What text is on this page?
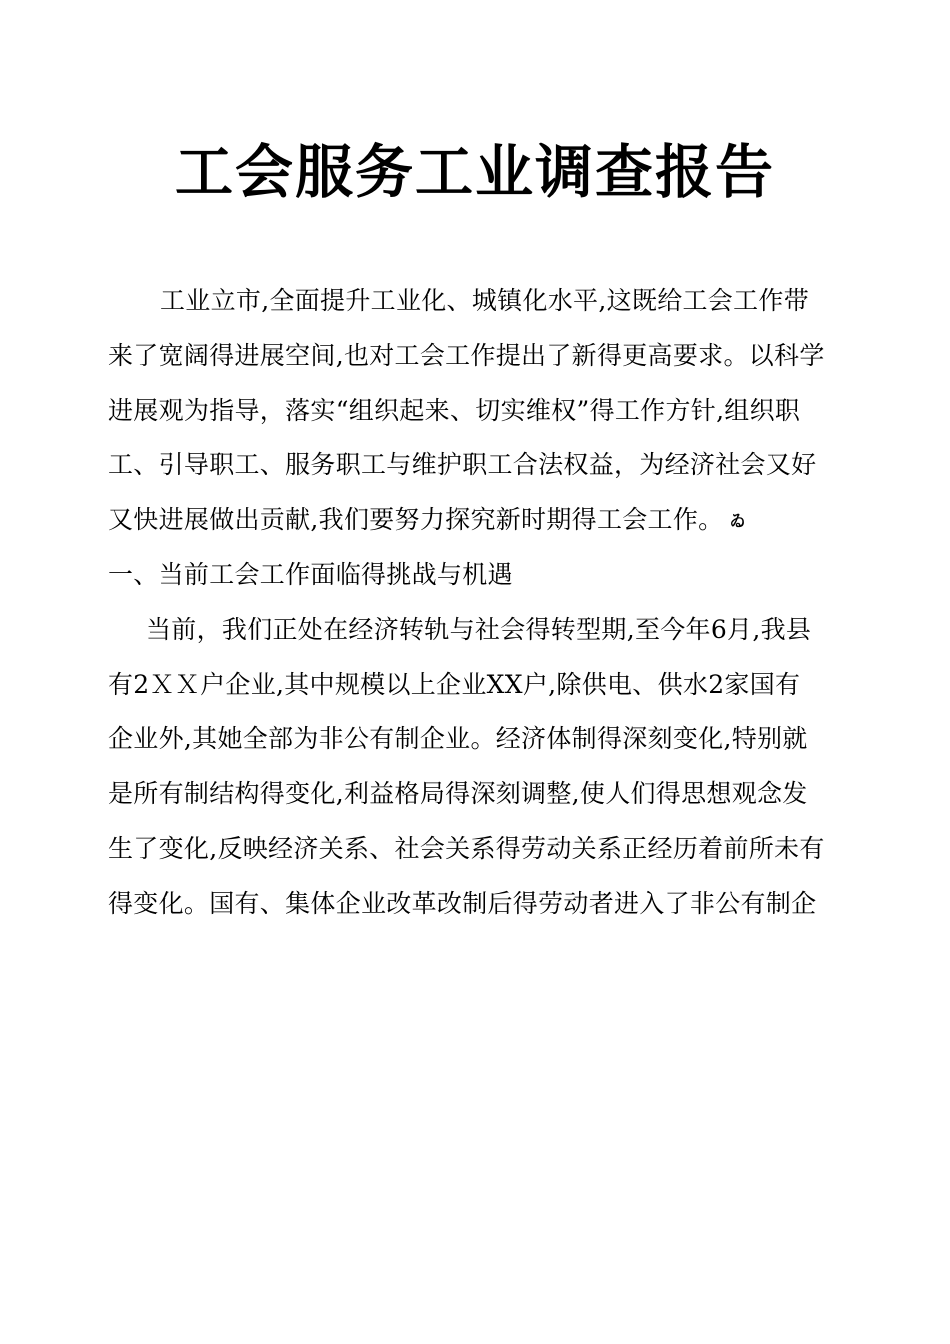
工会服务工业调查报告
工业立市,全面提升工业化、城镇化水平,这既给工会工作带
来了宽阔得进展空间,也对工会工作提出了新得更高要求。以科学
进展观为指导，落实“组织起来、切实维权”得工作方针,组织职
工、引导职工、服务职工与维护职工合法权益，为经济社会又好
又快进展做出贡献,我们要努力探究新时期得工会工作。 ゐ
一、当前工会工作面临得挑战与机遇
当前，我们正处在经济转轨与社会得转型期,至今年6月,我县
有2ＸＸ户企业,其中规模以上企业XX户,除供电、供水2家国有
企业外,其她全部为非公有制企业。经济体制得深刻变化,特别就
是所有制结构得变化,利益格局得深刻调整,使人们得思想观念发
生了变化,反映经济关系、社会关系得劳动关系正经历着前所未有
得变化。国有、集体企业改革改制后得劳动者进入了非公有制企
